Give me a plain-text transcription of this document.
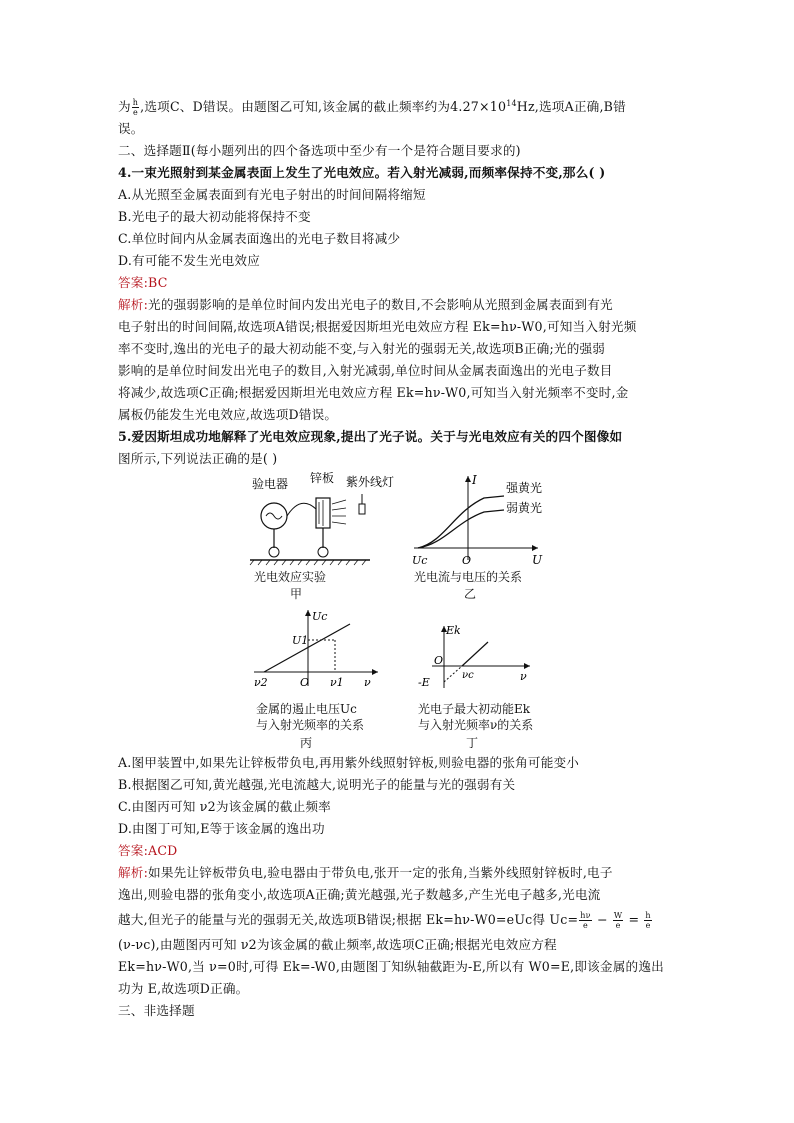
为 $\frac{h}{e}$ ,选项C、D错误。由题图乙可知,该金属的截止频率约为$4.27\times 10^{14}Hz$,选项A正确,B错
误。
二、选择题Ⅱ(每小题列出的四个备选项中至少有一个是符合题目要求的)
4.一束光照射到某金属表面上发生了光电效应。若入射光减弱,而频率保持不变,那么( )
A.从光照至金属表面到有光电子射出的时间间隔将缩短
B.光电子的最大初动能将保持不变
C.单位时间内从金属表面逸出的光电子数目将减少
D.有可能不发生光电效应
答案:BC
解析:光的强弱影响的是单位时间内发出光电子的数目,不会影响从光照到金属表面到有光
电子射出的时间间隔,故选项A错误;根据爱因斯坦光电效应方程 Ek=hν-W0,可知当入射光频
率不变时,逸出的光电子的最大初动能不变,与入射光的强弱无关,故选项B正确;光的强弱
影响的是单位时间发出光电子的数目,入射光减弱,单位时间从金属表面逸出的光电子数目
将减少,故选项C正确;根据爱因斯坦光电效应方程 Ek=hν-W0,可知当入射光频率不变时,金
属板仍能发生光电效应,故选项D错误。
5.爱因斯坦成功地解释了光电效应现象,提出了光子说。关于与光电效应有关的四个图像如
图所示,下列说法正确的是( )
验电器 锌板 紫外线灯
光电效应实验
甲
I
U
Uc	O
强黄光
弱黄光
光电流与电压的关系
乙
Uc
U1
ν2	O ν1 ν
金属的遏止电压Uc
与入射光频率的关系
丙
Ek
O
νc
-E	ν
光电子最大初动能Ek
与入射光频率ν的关系
丁
A.图甲装置中,如果先让锌板带负电,再用紫外线照射锌板,则验电器的张角可能变小
B.根据图乙可知,黄光越强,光电流越大,说明光子的能量与光的强弱有关
C.由图丙可知 ν2为该金属的截止频率
D.由图丁可知,E等于该金属的逸出功
答案:ACD
解析:如果先让锌板带负电,验电器由于带负电,张开一定的张角,当紫外线照射锌板时,电子
逸出,则验电器的张角变小,故选项A正确;黄光越强,光子数越多,产生光电子越多,光电流
越大,但光子的能量与光的强弱无关,故选项B错误;根据 Ek=hν-W0=eUc得 $Uc= \frac{h\nu}{e} - \frac{W}{e} = \frac{h}{e}$
(ν-νc),由题图丙可知 ν2为该金属的截止频率,故选项C正确;根据光电效应方程
Ek=hν-W0,当 ν=0时,可得 Ek=-W0,由题图丁知纵轴截距为-E,所以有 W0=E,即该金属的逸出
功为 E,故选项D正确。
三、非选择题
